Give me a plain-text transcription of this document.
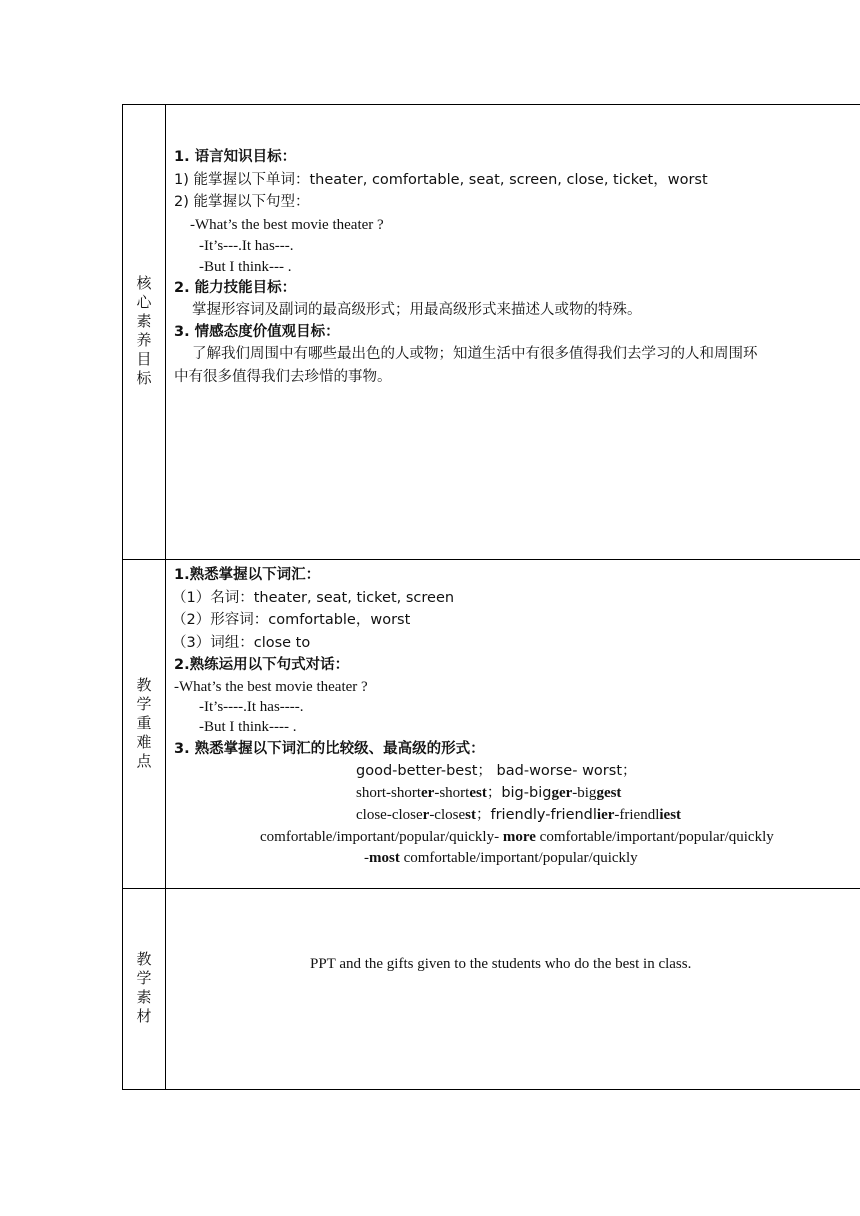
核心素养目标
1. 语言知识目标：
1) 能掌握以下单词：theater, comfortable, seat, screen, close, ticket，worst
2) 能掌握以下句型：
-What’s the best movie theater ?
-It’s---.It has---.
-But I think--- .
2. 能力技能目标：
掌握形容词及副词的最高级形式；用最高级形式来描述人或物的特殊。
3. 情感态度价值观目标：
了解我们周围中有哪些最出色的人或物；知道生活中有很多值得我们去学习的人和周围环
中有很多值得我们去珍惜的事物。
教学重难点
1.熟悉掌握以下词汇：
（1）名词：theater, seat, ticket, screen
（2）形容词：comfortable，worst
（3）词组：close to
2.熟练运用以下句式对话：
-What’s the best movie theater ?
-It’s----.It has----.
-But I think---- .
3. 熟悉掌握以下词汇的比较级、最高级的形式：
good-better-best； bad-worse- worst；
short-shorter-shortest；big-bigger-biggest
close-closer-closest；friendly-friendlier-friendliest
comfortable/important/popular/quickly- more comfortable/important/popular/quickly
-most comfortable/important/popular/quickly
教学素材	PPT and the gifts given to the students who do the best in class.
